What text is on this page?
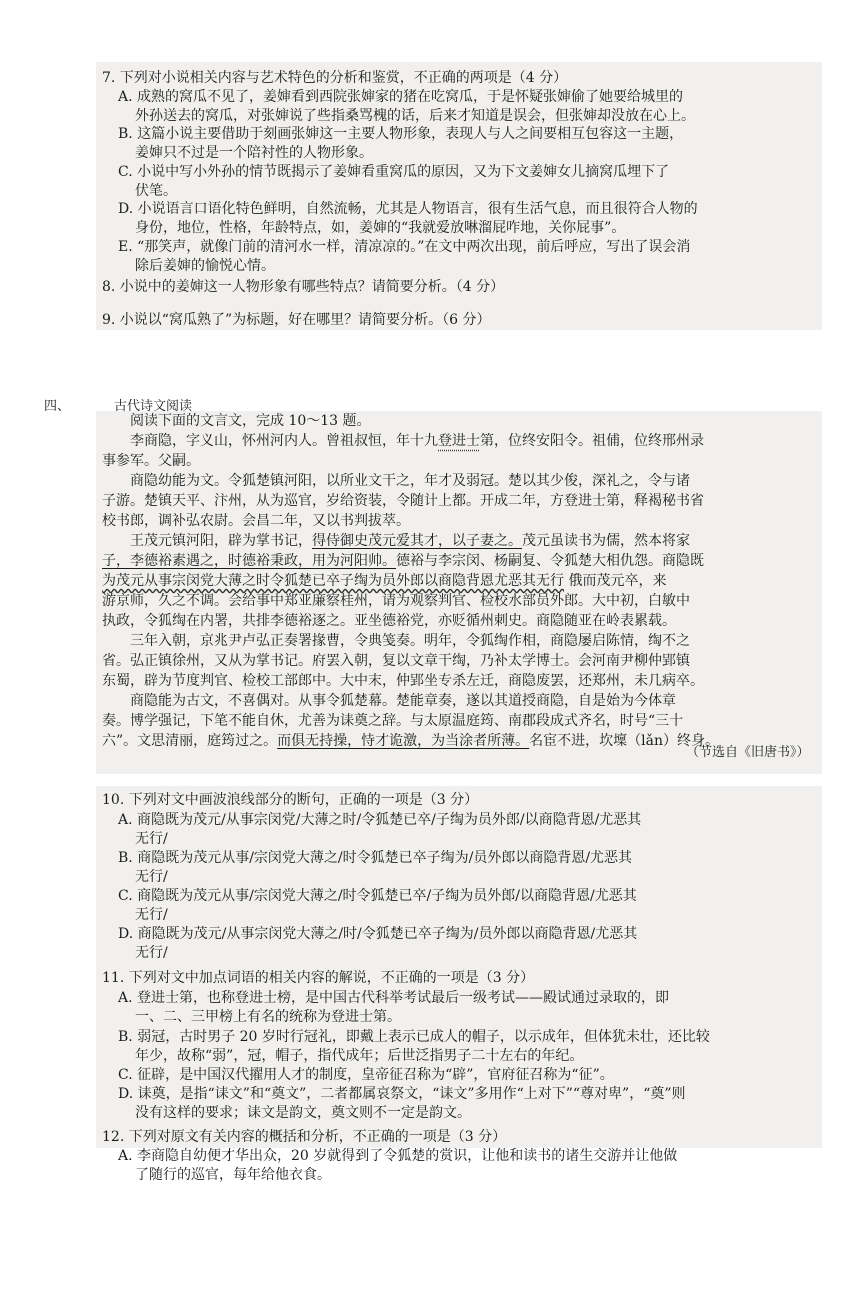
7. 下列对小说相关内容与艺术特色的分析和鉴赏，不正确的两项是（4 分）
A. 成熟的窝瓜不见了，姜婶看到西院张婶家的猪在吃窝瓜，于是怀疑张婶偷了她要给城里的
外孙送去的窝瓜，对张婶说了些指桑骂槐的话，后来才知道是误会，但张婶却没放在心上。
B. 这篇小说主要借助于刻画张婶这一主要人物形象，表现人与人之间要相互包容这一主题，
姜婶只不过是一个陪衬性的人物形象。
C. 小说中写小外孙的情节既揭示了姜婶看重窝瓜的原因，又为下文姜婶女儿摘窝瓜埋下了
伏笔。
D. 小说语言口语化特色鲜明，自然流畅，尤其是人物语言，很有生活气息，而且很符合人物的
身份，地位，性格，年龄特点，如，姜婶的“我就爱放啉溜屁咋地，关你屁事”。
E. “那笑声，就像门前的清河水一样，清凉凉的。”在文中两次出现，前后呼应，写出了误会消
除后姜婶的愉悦心情。
8. 小说中的姜婶这一人物形象有哪些特点？请简要分析。（4 分）
9. 小说以“窝瓜熟了”为标题，好在哪里？请简要分析。（6 分）
四、	古代诗文阅读
阅读下面的文言文，完成 10～13 题。
李商隐，字义山，怀州河内人。曾祖叔恒，年十九登进士第，位终安阳令。祖俌，位终邢州录
事参军。父嗣。
商隐幼能为文。令狐楚镇河阳，以所业文干之，年才及弱冠。楚以其少俊，深礼之，令与诸
子游。楚镇天平、汴州，从为巡官，岁给资装，令随计上都。开成二年，方登进士第，释褐秘书省
校书郎，调补弘农尉。会昌二年，又以书判拔萃。
王茂元镇河阳，辟为掌书记，得侍御史茂元爱其才，以子妻之。茂元虽读书为儒，然本将家
子，李德裕素遇之，时德裕秉政，用为河阳帅。德裕与李宗闵、杨嗣复、令狐楚大相仇怨。商隐既
为茂元从事宗闵党大薄之时令狐楚已卒子绹为员外郎以商隐背恩尤恶其无行 俄而茂元卒，来
游京师，久之不调。会给事中郑亚廉察桂州，请为观察判官、检校水部员外郎。大中初，白敏中
执政，令狐绹在内署，共排李德裕逐之。亚坐德裕党，亦贬循州刺史。商隐随亚在岭表累载。
三年入朝，京兆尹卢弘正奏署掾曹，令典笺奏。明年，令狐绹作相，商隐屡启陈情，绹不之
省。弘正镇徐州，又从为掌书记。府罢入朝，复以文章干绹，乃补太学博士。会河南尹柳仲郢镇
东蜀，辟为节度判官、检校工部郎中。大中末，仲郢坐专杀左迁，商隐废罢，还郑州，未几病卒。
商隐能为古文，不喜偶对。从事令狐楚幕。楚能章奏，遂以其道授商隐，自是始为今体章
奏。博学强记，下笔不能自休，尤善为诔奠之辞。与太原温庭筠、南郡段成式齐名，时号“三十
六”。文思清丽，庭筠过之。而俱无持操，恃才诡激，为当涂者所薄。名宦不进，坎壈（lǎn）终身。
（节选自《旧唐书》）
10. 下列对文中画波浪线部分的断句，正确的一项是（3 分）
A. 商隐既为茂元/从事宗闵党/大薄之时/令狐楚已卒/子绹为员外郎/以商隐背恩/尤恶其
无行/
B. 商隐既为茂元从事/宗闵党大薄之/时令狐楚已卒子绹为/员外郎以商隐背恩/尤恶其
无行/
C. 商隐既为茂元从事/宗闵党大薄之/时令狐楚已卒/子绹为员外郎/以商隐背恩/尤恶其
无行/
D. 商隐既为茂元/从事宗闵党大薄之/时/令狐楚已卒子绹为/员外郎以商隐背恩/尤恶其
无行/
11. 下列对文中加点词语的相关内容的解说，不正确的一项是（3 分）
A. 登进士第，也称登进士榜，是中国古代科举考试最后一级考试——殿试通过录取的，即
一、二、三甲榜上有名的统称为登进士第。
B. 弱冠，古时男子 20 岁时行冠礼，即戴上表示已成人的帽子，以示成年，但体犹未壮，还比较
年少，故称“弱”，冠，帽子，指代成年；后世泛指男子二十左右的年纪。
C. 征辟，是中国汉代擢用人才的制度，皇帝征召称为“辟”，官府征召称为“征”。
D. 诔奠，是指“诔文”和“奠文”，二者都属哀祭文，“诔文”多用作“上对下”“尊对卑”，“奠”则
没有这样的要求；诔文是韵文，奠文则不一定是韵文。
12. 下列对原文有关内容的概括和分析，不正确的一项是（3 分）
A. 李商隐自幼便才华出众，20 岁就得到了令狐楚的赏识，让他和读书的诸生交游并让他做
了随行的巡官，每年给他衣食。
